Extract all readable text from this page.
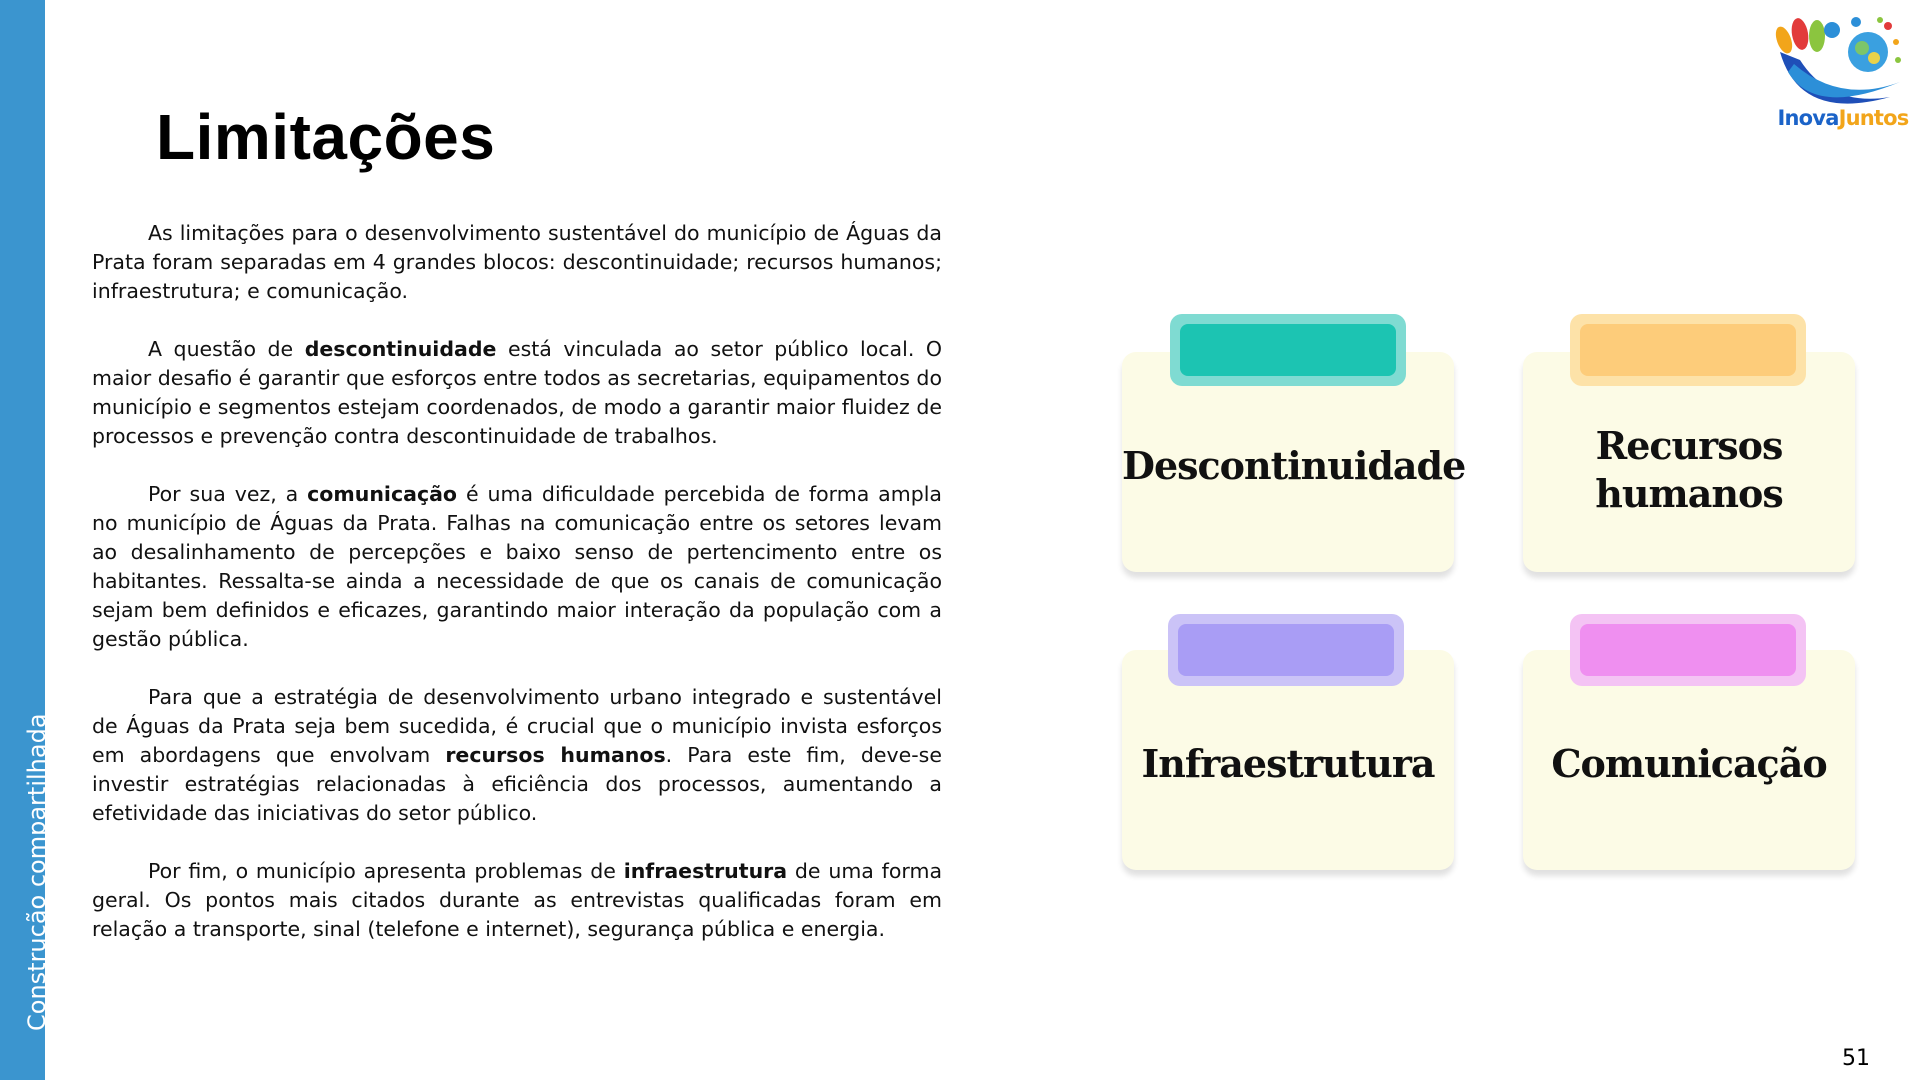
Construção compartilhada
Limitações	InovaJuntos

As limitações para o desenvolvimento sustentável do município de Águas da Prata foram separadas em 4 grandes blocos: descontinuidade; recursos humanos; infraestrutura; e comunicação.

A questão de descontinuidade está vinculada ao setor público local. O maior desafio é garantir que esforços entre todos as secretarias, equipamentos do município e segmentos estejam coordenados, de modo a garantir maior fluidez de processos e prevenção contra descontinuidade de trabalhos.

Por sua vez, a comunicação é uma dificuldade percebida de forma ampla no município de Águas da Prata. Falhas na comunicação entre os setores levam ao desalinhamento de percepções e baixo senso de pertencimento entre os habitantes. Ressalta-se ainda a necessidade de que os canais de comunicação sejam bem definidos e eficazes, garantindo maior interação da população com a gestão pública.

Para que a estratégia de desenvolvimento urbano integrado e sustentável de Águas da Prata seja bem sucedida, é crucial que o município invista esforços em abordagens que envolvam recursos humanos. Para este fim, deve-se investir estratégias relacionadas à eficiência dos processos, aumentando a efetividade das iniciativas do setor público.

Por fim, o município apresenta problemas de infraestrutura de uma forma geral. Os pontos mais citados durante as entrevistas qualificadas foram em relação a transporte, sinal (telefone e internet), segurança pública e energia.

Descontinuidade	Recursos
humanos
Infraestrutura	Comunicação
51
